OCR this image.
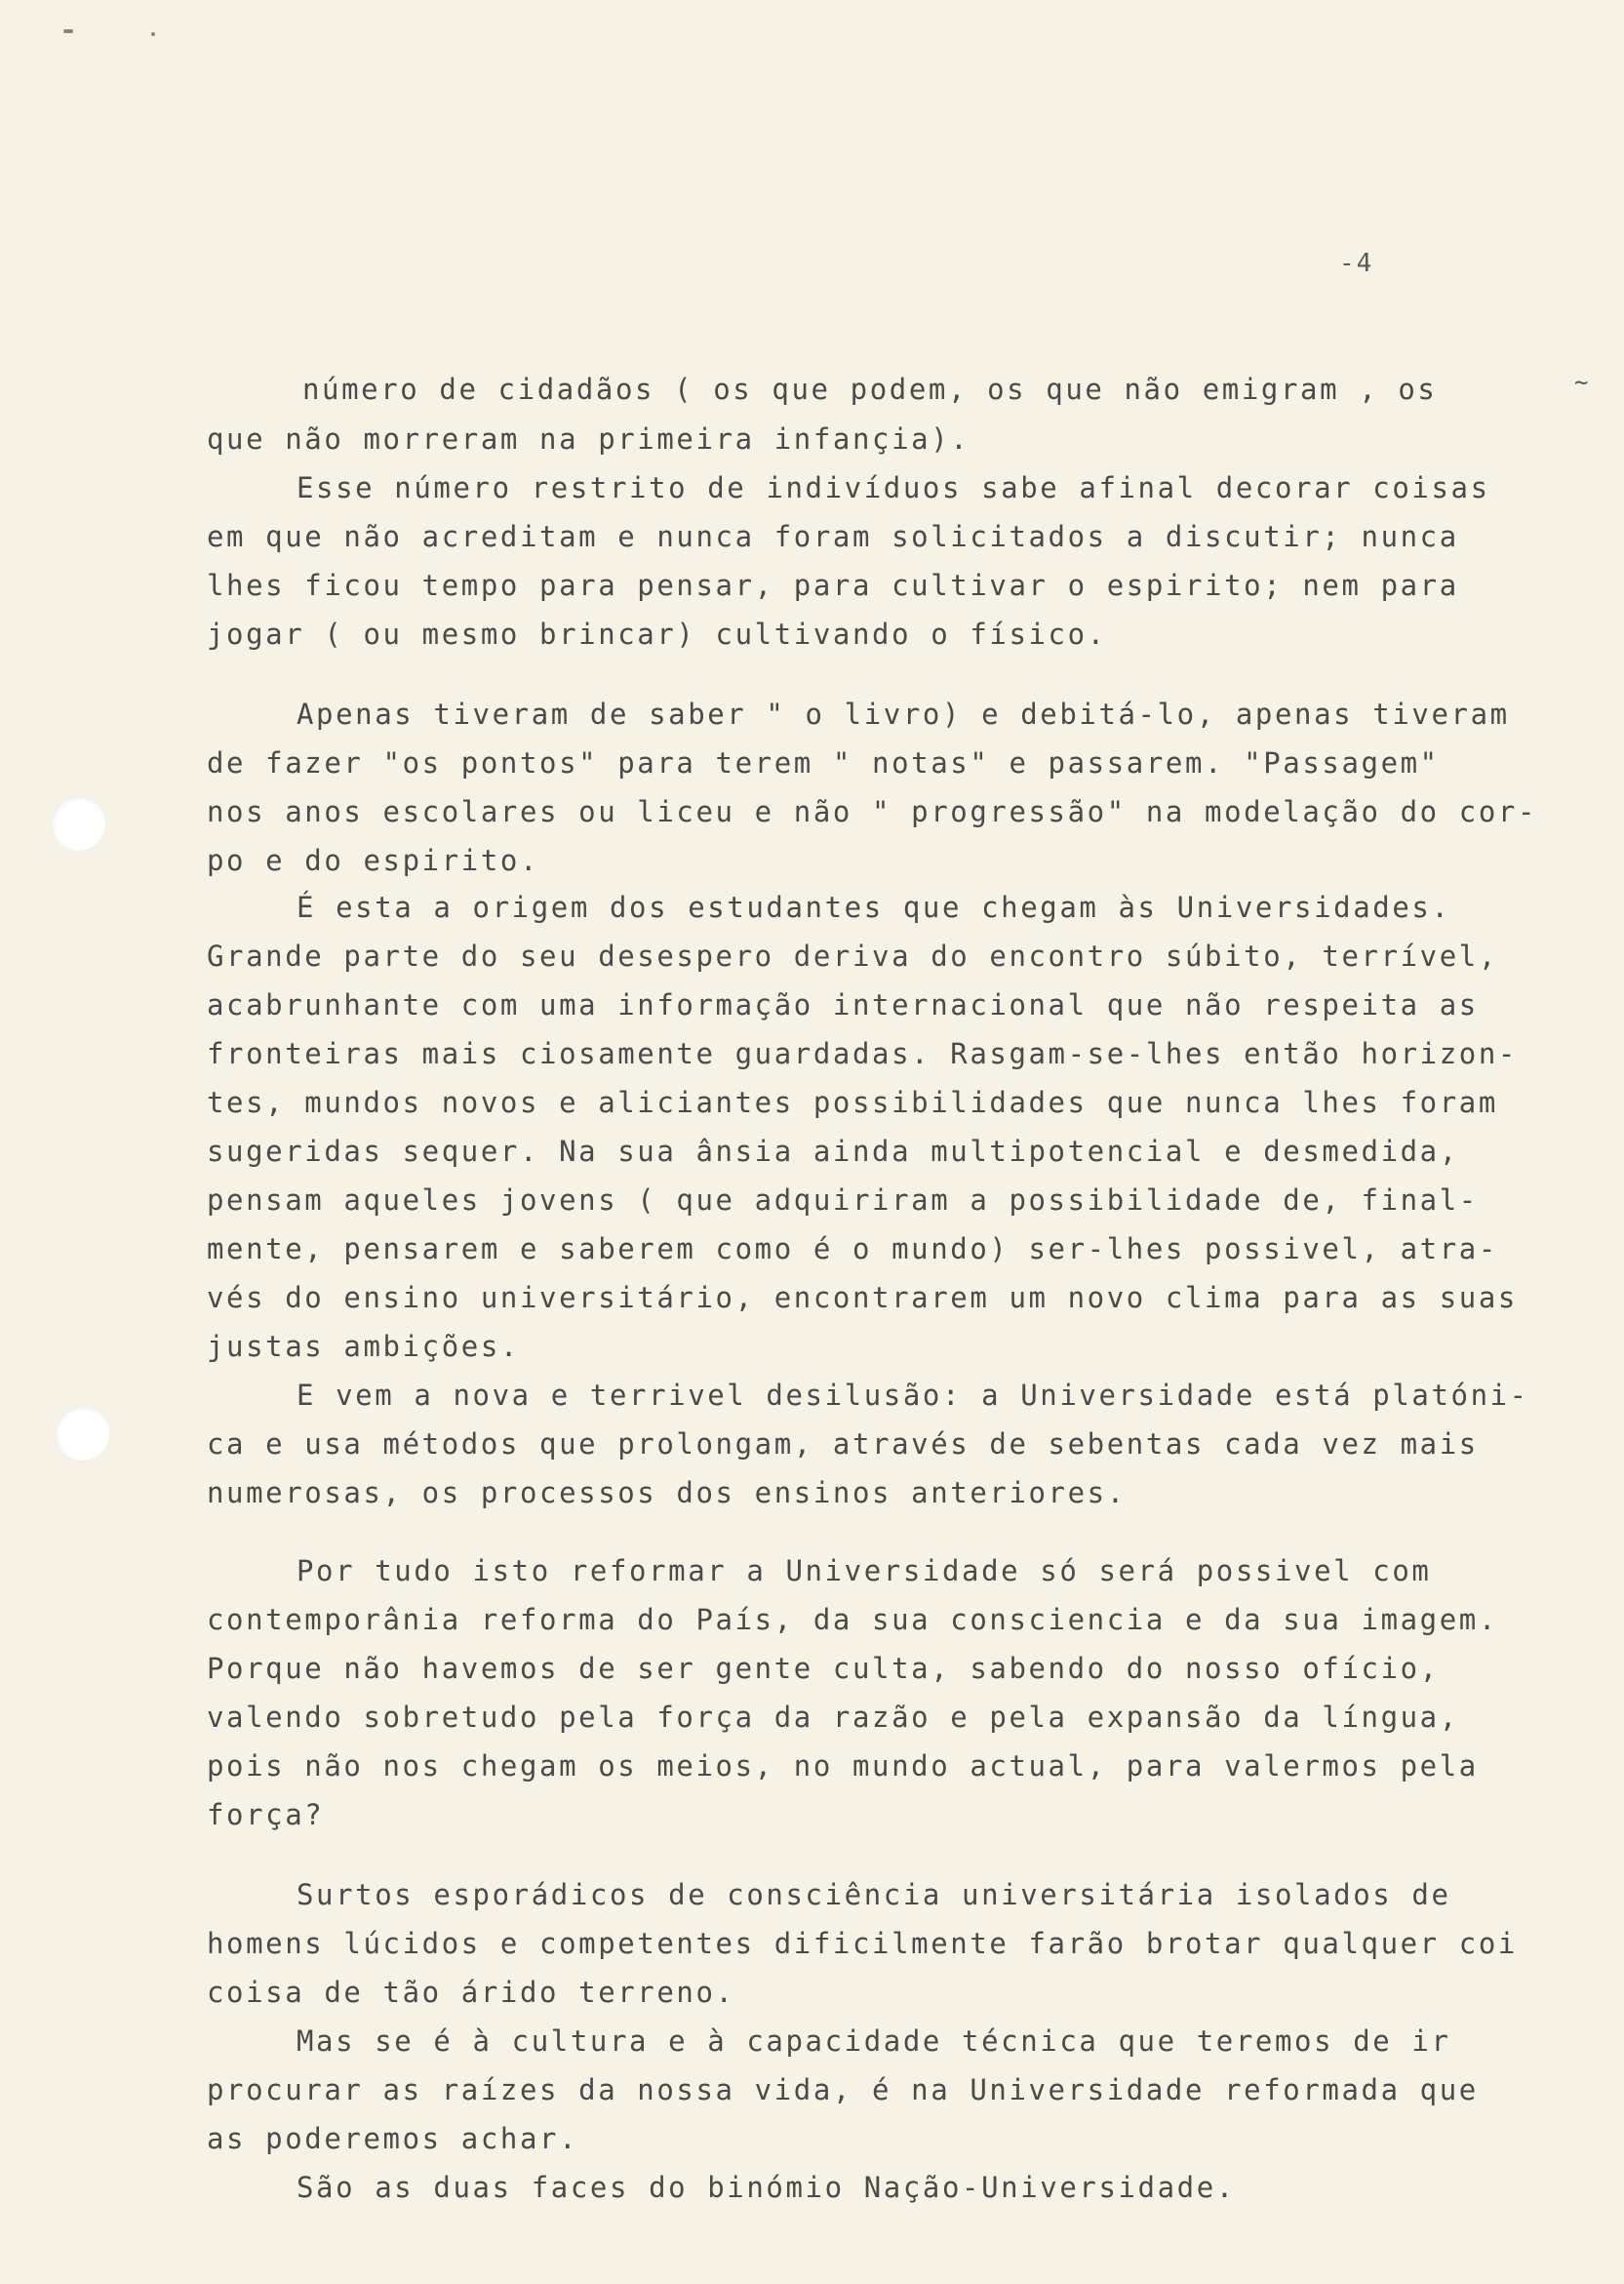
-4
~
número de cidadãos ( os que podem, os que não emigram , os
que não morreram na primeira infançia).
Esse número restrito de indivíduos sabe afinal decorar coisas
em que não acreditam e nunca foram solicitados a discutir; nunca
lhes ficou tempo para pensar, para cultivar o espirito; nem para
jogar ( ou mesmo brincar) cultivando o físico.
Apenas tiveram de saber " o livro) e debitá-lo, apenas tiveram
de fazer "os pontos" para terem " notas" e passarem. "Passagem"
nos anos escolares ou liceu e não " progressão" na modelação do cor-
po e do espirito.
É esta a origem dos estudantes que chegam às Universidades.
Grande parte do seu desespero deriva do encontro súbito, terrível,
acabrunhante com uma informação internacional que não respeita as
fronteiras mais ciosamente guardadas. Rasgam-se-lhes então horizon-
tes, mundos novos e aliciantes possibilidades que nunca lhes foram
sugeridas sequer. Na sua ânsia ainda multipotencial e desmedida,
pensam aqueles jovens ( que adquiriram a possibilidade de, final-
mente, pensarem e saberem como é o mundo) ser-lhes possivel, atra-
vés do ensino universitário, encontrarem um novo clima para as suas
justas ambições.
E vem a nova e terrivel desilusão: a Universidade está platóni-
ca e usa métodos que prolongam, através de sebentas cada vez mais
numerosas, os processos dos ensinos anteriores.
Por tudo isto reformar a Universidade só será possivel com
contemporânia reforma do País, da sua consciencia e da sua imagem.
Porque não havemos de ser gente culta, sabendo do nosso ofício,
valendo sobretudo pela força da razão e pela expansão da língua,
pois não nos chegam os meios, no mundo actual, para valermos pela
força?
Surtos esporádicos de consciência universitária isolados de
homens lúcidos e competentes dificilmente farão brotar qualquer coi
coisa de tão árido terreno.
Mas se é à cultura e à capacidade técnica que teremos de ir
procurar as raízes da nossa vida, é na Universidade reformada que
as poderemos achar.
São as duas faces do binómio Nação-Universidade.
